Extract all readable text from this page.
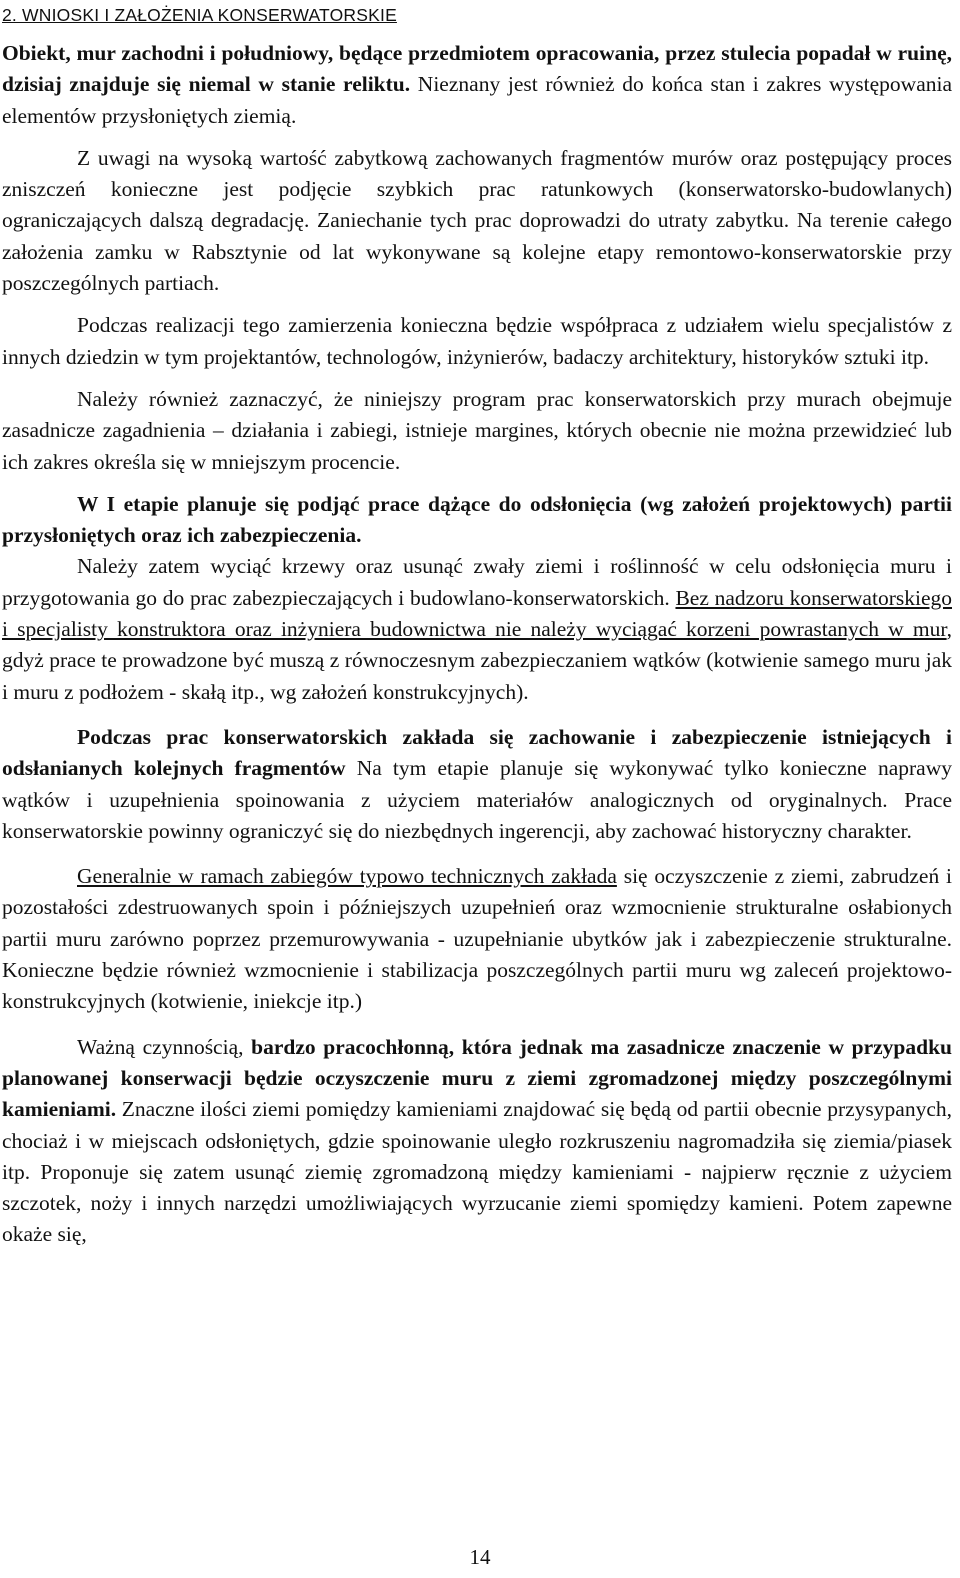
2. WNIOSKI I ZAŁOŻENIA KONSERWATORSKIE

Obiekt, mur zachodni i południowy, będące przedmiotem opracowania, przez stulecia popadał w ruinę, dzisiaj znajduje się niemal w stanie reliktu. Nieznany jest również do końca stan i zakres występowania elementów przysłoniętych ziemią.

Z uwagi na wysoką wartość zabytkową zachowanych fragmentów murów oraz postępujący proces zniszczeń konieczne jest podjęcie szybkich prac ratunkowych (konserwatorsko-budowlanych) ograniczających dalszą degradację. Zaniechanie tych prac doprowadzi do utraty zabytku. Na terenie całego założenia zamku w Rabsztynie od lat wykonywane są kolejne etapy remontowo-konserwatorskie przy poszczególnych partiach.

Podczas realizacji tego zamierzenia konieczna będzie współpraca z udziałem wielu specjalistów z innych dziedzin w tym projektantów, technologów, inżynierów, badaczy architektury, historyków sztuki itp.

Należy również zaznaczyć, że niniejszy program prac konserwatorskich przy murach obejmuje zasadnicze zagadnienia – działania i zabiegi, istnieje margines, których obecnie nie można przewidzieć lub ich zakres określa się w mniejszym procencie.

W I etapie planuje się podjąć prace dążące do odsłonięcia (wg założeń projektowych) partii przysłoniętych oraz ich zabezpieczenia.

Należy zatem wyciąć krzewy oraz usunąć zwały ziemi i roślinność w celu odsłonięcia muru i przygotowania go do prac zabezpieczających i budowlano-konserwatorskich. Bez nadzoru konserwatorskiego i specjalisty konstruktora oraz inżyniera budownictwa nie należy wyciągać korzeni powrastanych w mur, gdyż prace te prowadzone być muszą z równoczesnym zabezpieczaniem wątków (kotwienie samego muru jak i muru z podłożem - skałą itp., wg założeń konstrukcyjnych).

Podczas prac konserwatorskich zakłada się zachowanie i zabezpieczenie istniejących i odsłanianych kolejnych fragmentów Na tym etapie planuje się wykonywać tylko konieczne naprawy wątków i uzupełnienia spoinowania z użyciem materiałów analogicznych od oryginalnych. Prace konserwatorskie powinny ograniczyć się do niezbędnych ingerencji, aby zachować historyczny charakter.

Generalnie w ramach zabiegów typowo technicznych zakłada się oczyszczenie z ziemi, zabrudzeń i pozostałości zdestruowanych spoin i późniejszych uzupełnień oraz wzmocnienie strukturalne osłabionych partii muru zarówno poprzez przemurowywania - uzupełnianie ubytków jak i zabezpieczenie strukturalne. Konieczne będzie również wzmocnienie i stabilizacja poszczególnych partii muru wg zaleceń projektowo-konstrukcyjnych (kotwienie, iniekcje itp.)

Ważną czynnością, bardzo pracochłonną, która jednak ma zasadnicze znaczenie w przypadku planowanej konserwacji będzie oczyszczenie muru z ziemi zgromadzonej między poszczególnymi kamieniami. Znaczne ilości ziemi pomiędzy kamieniami znajdować się będą od partii obecnie przysypanych, chociaż i w miejscach odsłoniętych, gdzie spoinowanie uległo rozkruszeniu nagromadziła się ziemia/piasek itp. Proponuje się zatem usunąć ziemię zgromadzoną między kamieniami - najpierw ręcznie z użyciem szczotek, noży i innych narzędzi umożliwiających wyrzucanie ziemi spomiędzy kamieni. Potem zapewne okaże się,

14
